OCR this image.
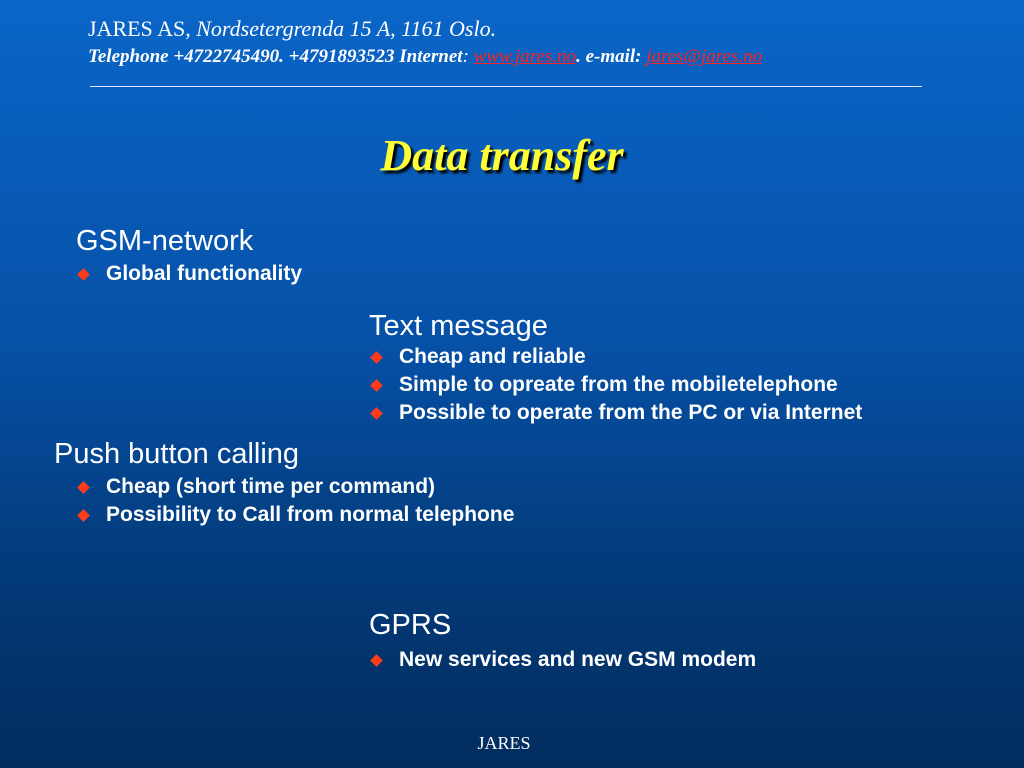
JARES AS, Nordsetergrenda 15 A, 1161 Oslo.
Telephone +4722745490. +4791893523 Internet: www.jares.no. e-mail: jares@jares.no
Data transfer
GSM-network
Global functionality
Text message
Cheap and reliable
Simple to opreate from the mobiletelephone
Possible to operate from the PC or via Internet
Push button calling
Cheap (short time per command)
Possibility to Call from normal telephone
GPRS
New services and new GSM modem
JARES
